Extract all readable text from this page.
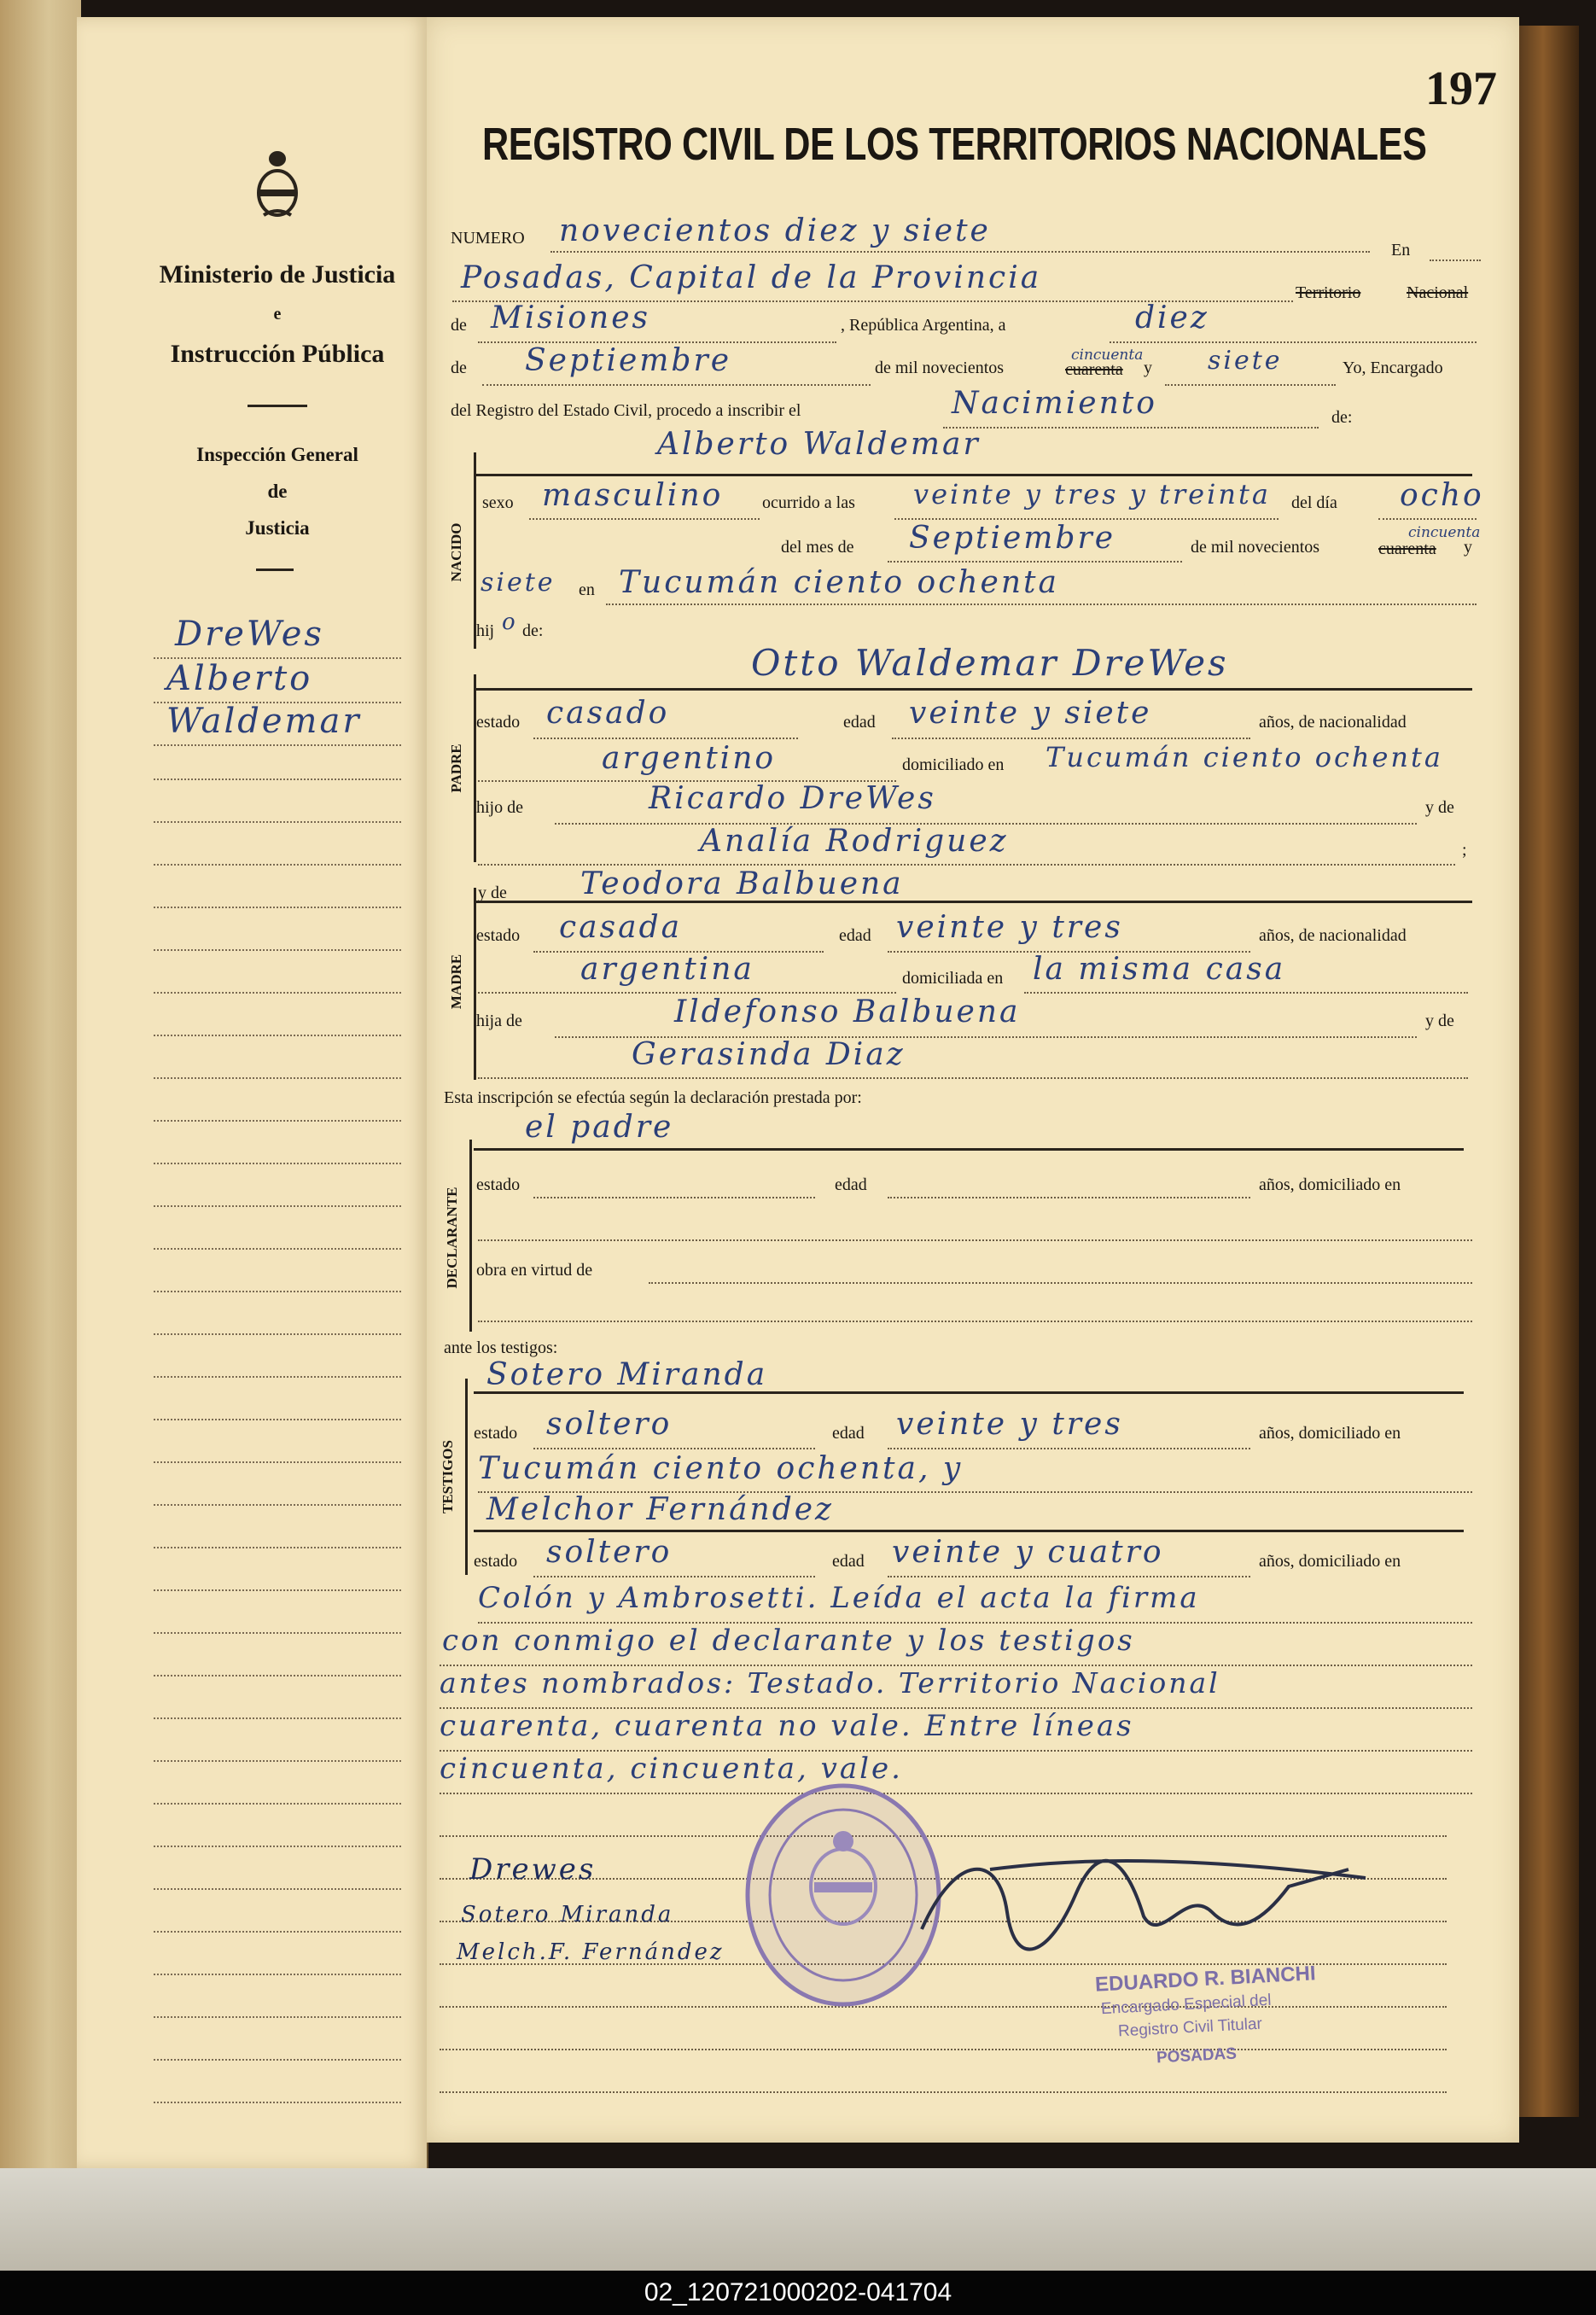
02_120721000202-041704
Ministerio de Justicia
e
Instrucción Pública
Inspección General
de
Justicia
DreWes
Alberto
Waldemar
197
REGISTRO CIVIL DE LOS TERRITORIOS NACIONALES
NUMERO novecientos diez y siete
En
Posadas, Capital de la Provincia	Territorio	Nacional
de Misiones	, República Argentina, a	diez
de Septiembre	de mil novecientos
cincuenta
cuarenta y siete	Yo, Encargado
del Registro del Estado Civil, procedo a inscribir el	Nacimiento	de:
Alberto Waldemar
NACIDO
sexo masculino ocurrido a las veinte y tres y treinta del día ocho
del mes de Septiembre	de mil novecientos
cincuenta
cuarenta y
siete en Tucumán ciento ochenta
hij o de:
Otto Waldemar DreWes
PADRE
estado casado	edad veinte y siete	años, de nacionalidad
argentino	domiciliado en Tucumán ciento ochenta
hijo de	Ricardo DreWes	y de
Analía Rodriguez	;
y de Teodora Balbuena
MADRE
estado casada	edad veinte y tres	años, de nacionalidad
argentina	domiciliada en la misma casa
hija de	Ildefonso Balbuena	y de
Gerasinda Diaz
Esta inscripción se efectúa según la declaración prestada por:
el padre
DECLARANTE
estado	edad	años, domiciliado en
obra en virtud de
ante los testigos:
Sotero Miranda
TESTIGOS
estado soltero	edad veinte y tres	años, domiciliado en
Tucumán ciento ochenta, y
Melchor Fernández
estado soltero	edad veinte y cuatro	años, domiciliado en
Colón y Ambrosetti. Leída el acta la firma
con conmigo el declarante y los testigos
antes nombrados: Testado. Territorio Nacional
cuarenta, cuarenta no vale. Entre líneas
cincuenta, cincuenta, vale.
Drewes
Sotero Miranda
Melch.F. Fernández
EDUARDO R. BIANCHI
Encargado Especial del
Registro Civil Titular
POSADAS
